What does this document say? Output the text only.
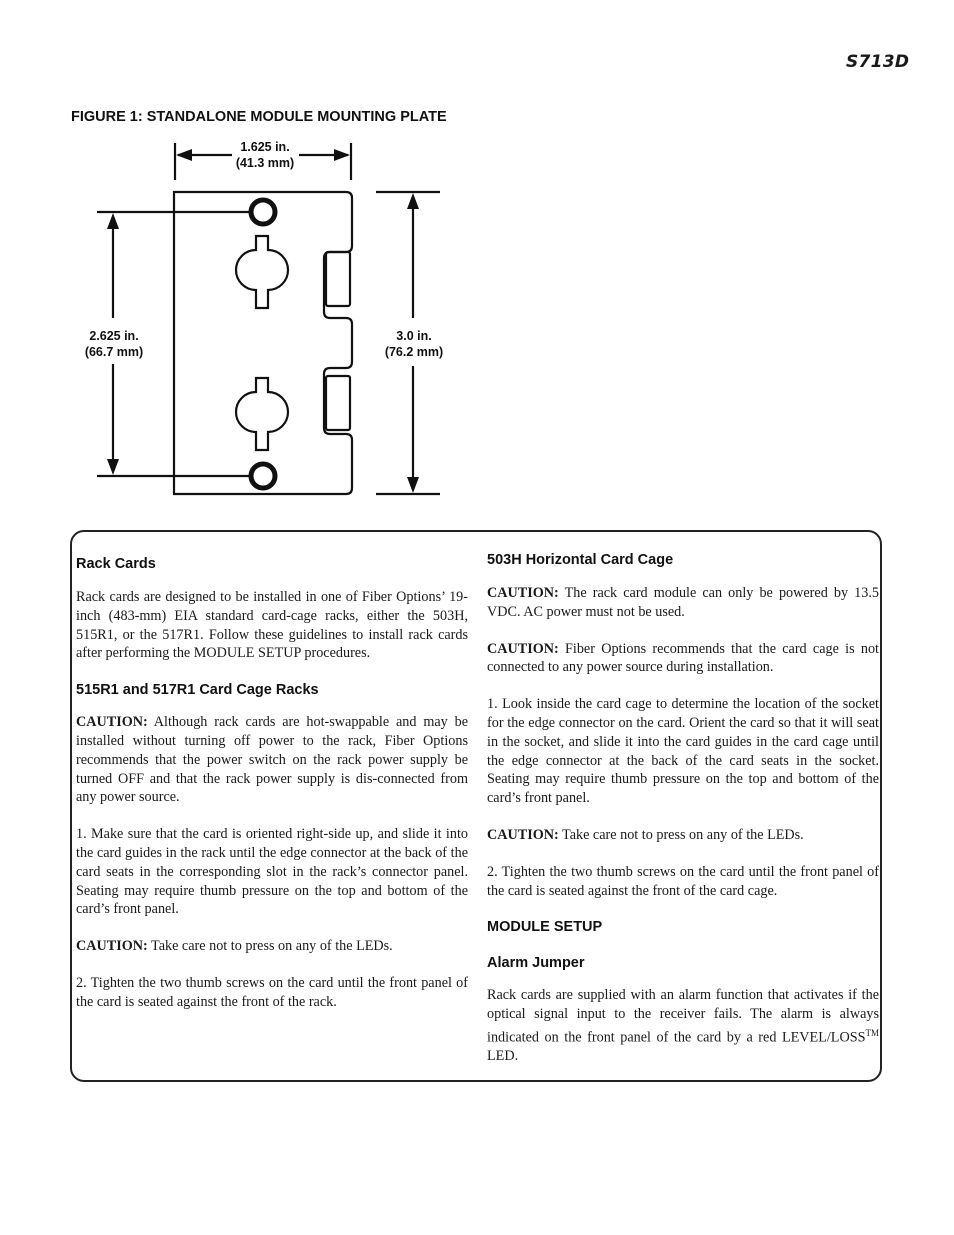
S713D
FIGURE 1: STANDALONE MODULE MOUNTING PLATE
1.625 in.
(41.3 mm)
2.625 in.
(66.7 mm)
3.0 in.
(76.2 mm)
Rack Cards

Rack cards are designed to be installed in one of Fiber Options’ 19-inch (483-mm) EIA standard card-cage racks, either the 503H, 515R1, or the 517R1. Follow these guidelines to install rack cards after performing the MODULE SETUP procedures.

515R1 and 517R1 Card Cage Racks

CAUTION: Although rack cards are hot-swappable and may be installed without turning off power to the rack, Fiber Options recommends that the power switch on the rack power supply be turned OFF and that the rack power supply is dis-connected from any power source.

1. Make sure that the card is oriented right-side up, and slide it into the card guides in the rack until the edge connector at the back of the card seats in the corresponding slot in the rack’s connector panel. Seating may require thumb pressure on the top and bottom of the card’s front panel.

CAUTION: Take care not to press on any of the LEDs.

2. Tighten the two thumb screws on the card until the front panel of the card is seated against the front of the rack.

503H Horizontal Card Cage

CAUTION: The rack card module can only be powered by 13.5 VDC. AC power must not be used.

CAUTION: Fiber Options recommends that the card cage is not connected to any power source during installation.

1. Look inside the card cage to determine the location of the socket for the edge connector on the card. Orient the card so that it will seat in the socket, and slide it into the card guides in the card cage until the edge connector at the back of the card seats in the socket. Seating may require thumb pressure on the top and bottom of the card’s front panel.

CAUTION: Take care not to press on any of the LEDs.

2. Tighten the two thumb screws on the card until the front panel of the card is seated against the front of the card cage.

MODULE SETUP
Alarm Jumper

Rack cards are supplied with an alarm function that activates if the optical signal input to the receiver fails. The alarm is always indicated on the front panel of the card by a red LEVEL/LOSS™ LED.
